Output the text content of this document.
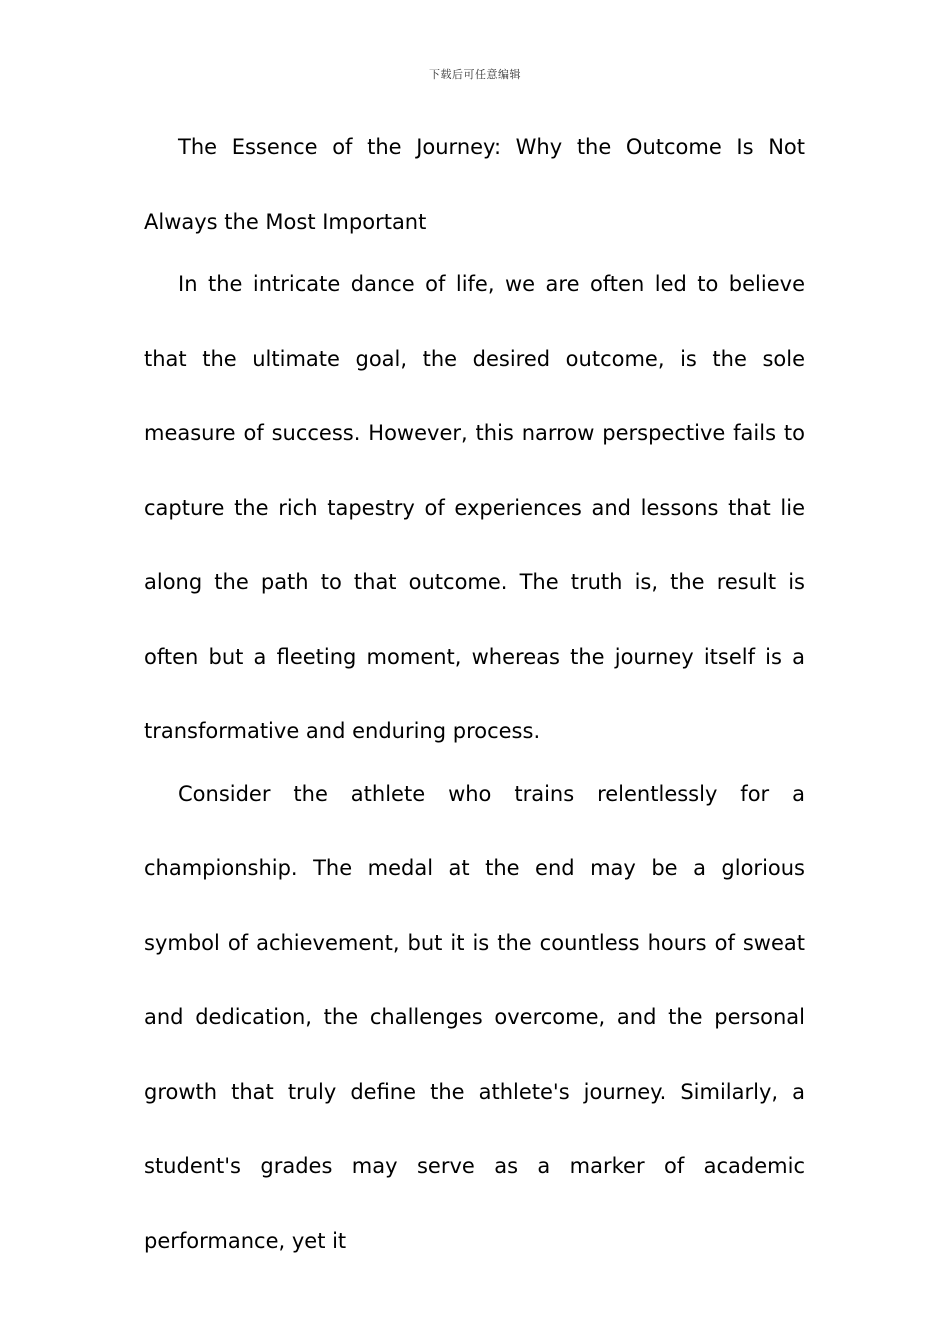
下载后可任意编辑

The Essence of the Journey: Why the Outcome Is Not Always the Most Important

In the intricate dance of life, we are often led to believe that the ultimate goal, the desired outcome, is the sole measure of success. However, this narrow perspective fails to capture the rich tapestry of experiences and lessons that lie along the path to that outcome. The truth is, the result is often but a fleeting moment, whereas the journey itself is a transformative and enduring process.

Consider the athlete who trains relentlessly for a championship. The medal at the end may be a glorious symbol of achievement, but it is the countless hours of sweat and dedication, the challenges overcome, and the personal growth that truly define the athlete's journey. Similarly, a student's grades may serve as a marker of academic performance, yet it
